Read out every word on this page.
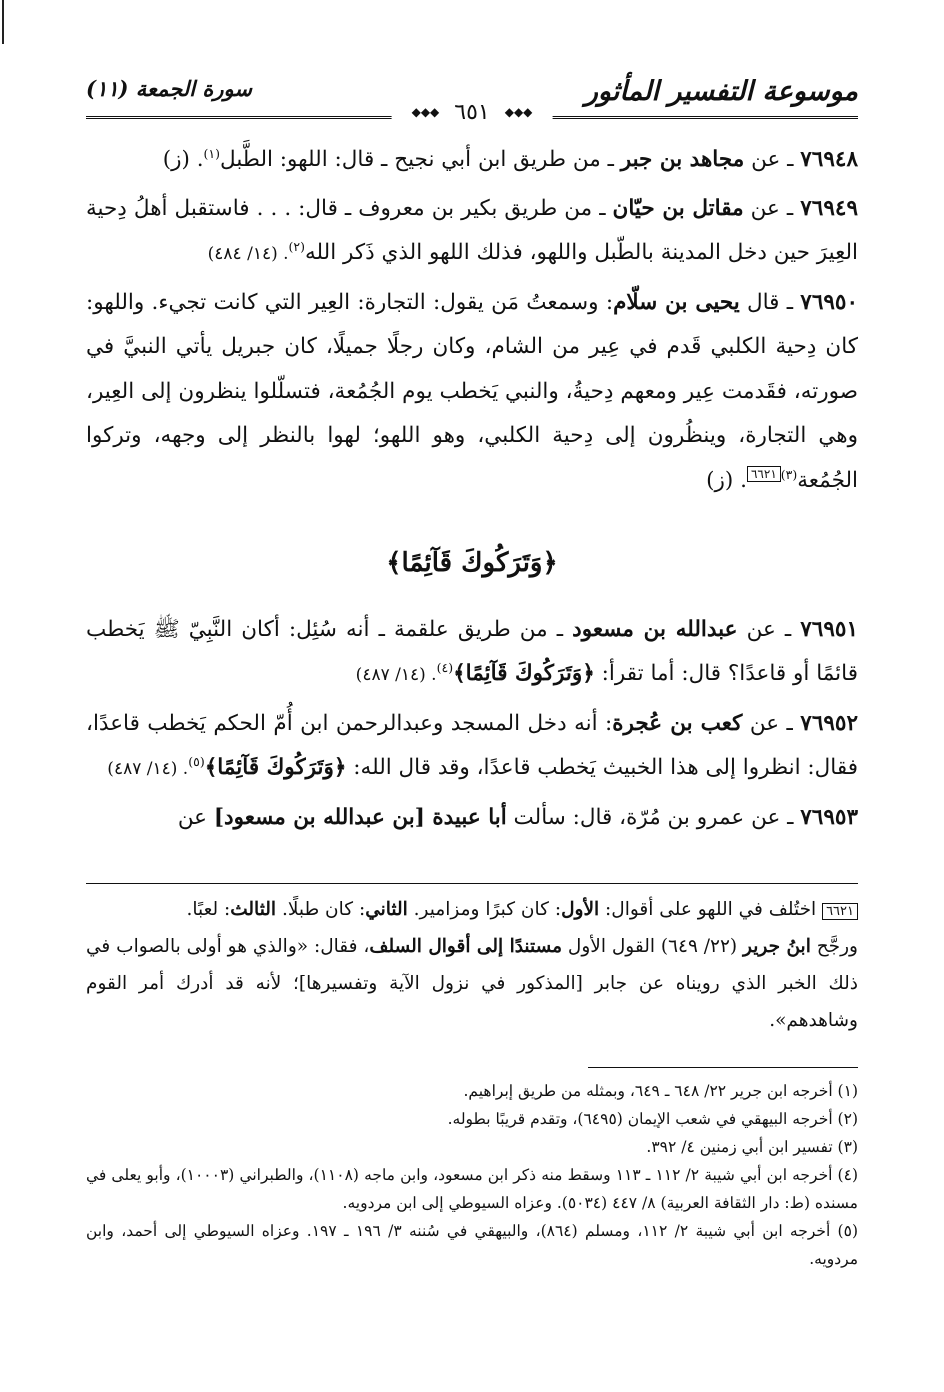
موسوعة التفسير المأثور
سورة الجمعة (١١)
◆◆◆ ٦٥١ ◆◆◆

٧٦٩٤٨ ـ عن مجاهد بن جبر ـ من طريق ابن أبي نجيح ـ قال: اللهو: الطَّبل$^{(١)}$. (ز)

٧٦٩٤٩ ـ عن مقاتل بن حيّان ـ من طريق بكير بن معروف ـ قال: . . . فاستقبل أهلُ دِحية العِيرَ حين دخل المدينة بالطّبل واللهو، فذلك اللهو الذي ذَكر الله$^{(٢)}$. (١٤/ ٤٨٤)

٧٦٩٥٠ ـ قال يحيى بن سلّام: وسمعتُ مَن يقول: التجارة: العِير التي كانت تجيء. واللهو: كان دِحية الكلبي قَدم في عِير من الشام، وكان رجلًا جميلًا، كان جبريل يأتي النبيَّ في صورته، فقَدمت عِير ومعهم دِحيةُ، والنبي يَخطب يوم الجُمُعة، فتسلّلوا ينظرون إلى العِير، وهي التجارة، وينظُرون إلى دِحية الكلبي، وهو اللهو؛ لهوا بالنظر إلى وجهه، وتركوا الجُمُعة$^{(٣)٦٦٢١}$. (ز)

﴿وَتَرَكُوكَ قَآئِمًا﴾

٧٦٩٥١ ـ عن عبدالله بن مسعود ـ من طريق علقمة ـ أنه سُئِل: أكان النَّبِيّ ﷺ يَخطب قائمًا أو قاعدًا؟ قال: أما تقرأ: ﴿وَتَرَكُوكَ قَآئِمًا﴾$^{(٤)}$. (١٤/ ٤٨٧)

٧٦٩٥٢ ـ عن كعب بن عُجرة: أنه دخل المسجد وعبدالرحمن ابن أُمّ الحكم يَخطب قاعدًا، فقال: انظروا إلى هذا الخبيث يَخطب قاعدًا، وقد قال الله: ﴿وَتَرَكُوكَ قَآئِمًا﴾$^{(٥)}$. (١٤/ ٤٨٧)

٧٦٩٥٣ ـ عن عمرو بن مُرّة، قال: سألت أبا عبيدة [بن عبدالله بن مسعود] عن

٦٦٢١ اختُلف في اللهو على أقوال: الأول: كان كبرًا ومزامير. الثاني: كان طبلًا. الثالث: لعبًا.
ورجَّح ابنُ جرير (٢٢/ ٦٤٩) القول الأول مستندًا إلى أقوال السلف، فقال: «والذي هو أولى بالصواب في ذلك الخبر الذي رويناه عن جابر [المذكور في نزول الآية وتفسيرها]؛ لأنه قد أدرك أمر القوم وشاهدهم».
(١) أخرجه ابن جرير ٢٢/ ٦٤٨ ـ ٦٤٩، وبمثله من طريق إبراهيم.
(٢) أخرجه البيهقي في شعب الإيمان (٦٤٩٥)، وتقدم قريبًا بطوله.
(٣) تفسير ابن أبي زمنين ٤/ ٣٩٢.
(٤) أخرجه ابن أبي شيبة ٢/ ١١٢ ـ ١١٣ وسقط منه ذكر ابن مسعود، وابن ماجه (١١٠٨)، والطبراني (١٠٠٠٣)، وأبو يعلى في مسنده (ط: دار الثقافة العربية) ٨/ ٤٤٧ (٥٠٣٤). وعزاه السيوطي إلى ابن مردويه.
(٥) أخرجه ابن أبي شيبة ٢/ ١١٢، ومسلم (٨٦٤)، والبيهقي في سُننه ٣/ ١٩٦ ـ ١٩٧. وعزاه السيوطي إلى أحمد، وابن مردويه.
